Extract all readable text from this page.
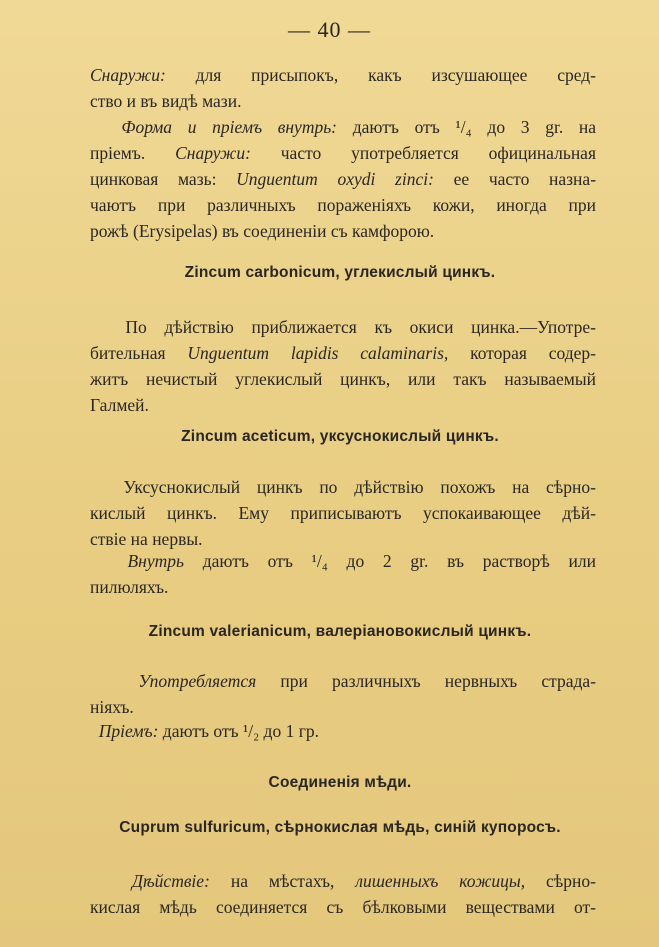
— 40 —
Снаружи: для присыпокъ, какъ изсушающее сред-
ство и въ видѣ мази.
Форма и пріемъ внутрь: даютъ отъ ¹/₄ до 3 gr. на
пріемъ. Снаружи: часто употребляется официнальная
цинковая мазь: Unguentum oxydi zinci: ее часто назна-
чаютъ при различныхъ пораженіяхъ кожи, иногда при
рожѣ (Erysipelas) въ соединеніи съ камфорою.
Zincum carbonicum, углекислый цинкъ.
По дѣйствію приближается къ окиси цинка.—Употре-
бительная Unguentum lapidis calaminaris, которая содер-
житъ нечистый углекислый цинкъ, или такъ называемый
Галмей.
Zincum aceticum, уксуснокислый цинкъ.
Уксуснокислый цинкъ по дѣйствію похожъ на сѣрно-
кислый цинкъ. Ему приписываютъ успокаивающее дѣй-
ствіе на нервы.
Внутрь даютъ отъ ¹/₄ до 2 gr. въ растворѣ или
пилюляхъ.
Zincum valerianicum, валеріановокислый цинкъ.
Употребляется при различныхъ нервныхъ страда-
ніяхъ.
Пріемъ: даютъ отъ ¹/₂ до 1 гр.
Соединенія мѣди.
Cuprum sulfuricum, сѣрнокислая мѣдь, синій купоросъ.
Дѣйствіе: на мѣстахъ, лишенныхъ кожицы, сѣрно-
кислая мѣдь соединяется съ бѣлковыми веществами от-
